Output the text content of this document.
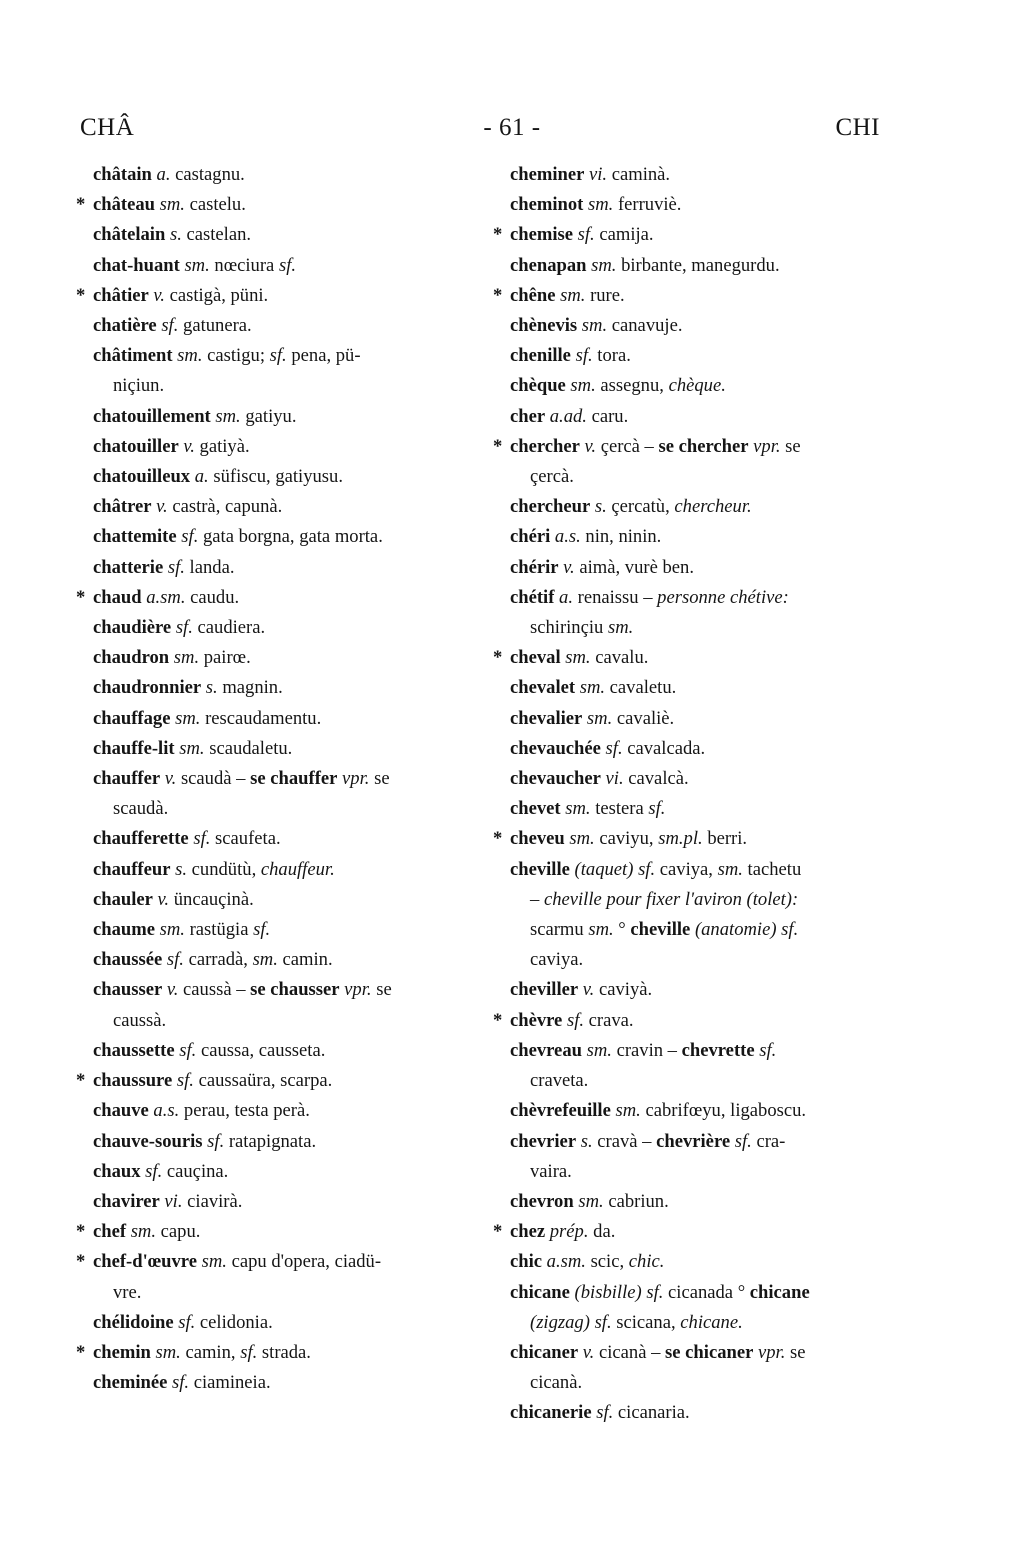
CHÂ	- 61 -	CHI
châtain a. castagnu.
* château sm. castelu.
châtelain s. castelan.
chat-huant sm. nœciura sf.
* châtier v. castigà, püni.
chatière sf. gatunera.
châtiment sm. castigu; sf. pena, pü-
niçiun.
chatouillement sm. gatiyu.
chatouiller v. gatiyà.
chatouilleux a. süfiscu, gatiyusu.
châtrer v. castrà, capunà.
chattemite sf. gata borgna, gata morta.
chatterie sf. landa.
* chaud a.sm. caudu.
chaudière sf. caudiera.
chaudron sm. pairœ.
chaudronnier s. magnin.
chauffage sm. rescaudamentu.
chauffe-lit sm. scaudaletu.
chauffer v. scaudà – se chauffer vpr. se
scaudà.
chaufferette sf. scaufeta.
chauffeur s. cundütù, chauffeur.
chauler v. üncauçinà.
chaume sm. rastügia sf.
chaussée sf. carradà, sm. camin.
chausser v. caussà – se chausser vpr. se
caussà.
chaussette sf. caussa, causseta.
* chaussure sf. caussaüra, scarpa.
chauve a.s. perau, testa perà.
chauve-souris sf. ratapignata.
chaux sf. cauçina.
chavirer vi. ciavirà.
* chef sm. capu.
* chef-d'œuvre sm. capu d'opera, ciadü-
vre.
chélidoine sf. celidonia.
* chemin sm. camin, sf. strada.
cheminée sf. ciamineia.
cheminer vi. caminà.
cheminot sm. ferruviè.
* chemise sf. camija.
chenapan sm. birbante, manegurdu.
* chêne sm. rure.
chènevis sm. canavuje.
chenille sf. tora.
chèque sm. assegnu, chèque.
cher a.ad. caru.
* chercher v. çercà – se chercher vpr. se
çercà.
chercheur s. çercatù, chercheur.
chéri a.s. nin, ninin.
chérir v. aimà, vurè ben.
chétif a. renaissu – personne chétive:
schirinçiu sm.
* cheval sm. cavalu.
chevalet sm. cavaletu.
chevalier sm. cavaliè.
chevauchée sf. cavalcada.
chevaucher vi. cavalcà.
chevet sm. testera sf.
* cheveu sm. caviyu, sm.pl. berri.
cheville (taquet) sf. caviya, sm. tachetu
– cheville pour fixer l'aviron (tolet):
scarmu sm. ° cheville (anatomie) sf.
caviya.
cheviller v. caviyà.
* chèvre sf. crava.
chevreau sm. cravin – chevrette sf.
craveta.
chèvrefeuille sm. cabrifœyu, ligaboscu.
chevrier s. cravà – chevrière sf. cra-
vaira.
chevron sm. cabriun.
* chez prép. da.
chic a.sm. scic, chic.
chicane (bisbille) sf. cicanada ° chicane
(zigzag) sf. scicana, chicane.
chicaner v. cicanà – se chicaner vpr. se
cicanà.
chicanerie sf. cicanaria.
